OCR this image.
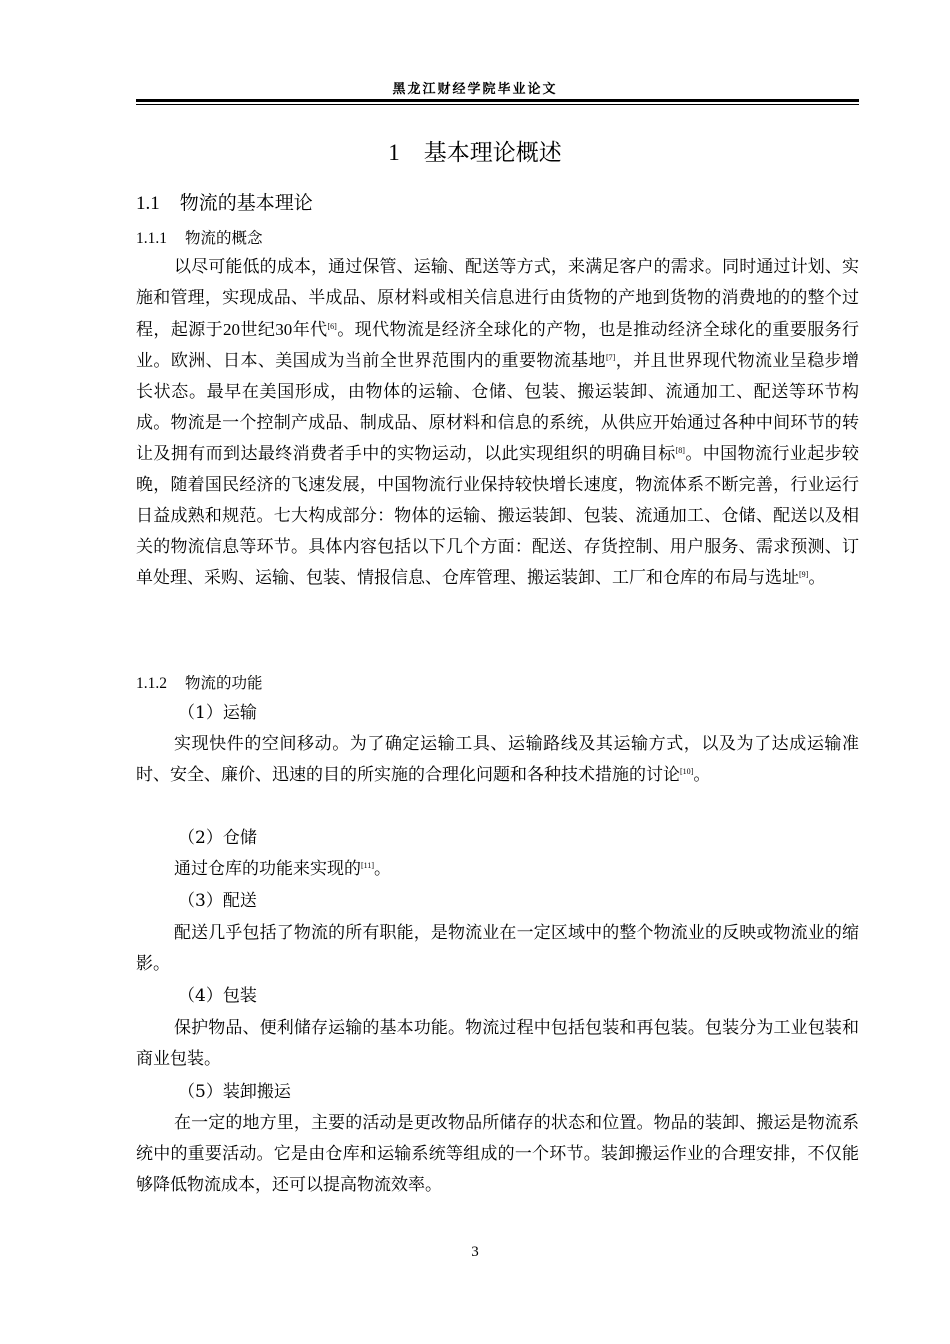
黑龙江财经学院毕业论文
1 基本理论概述
1.1 物流的基本理论
1.1.1 物流的概念
以尽可能低的成本，通过保管、运输、配送等方式，来满足客户的需求。同时通过计划、实施和管理，实现成品、半成品、原材料或相关信息进行由货物的产地到货物的消费地的的整个过程，起源于20世纪30年代[6]。现代物流是经济全球化的产物，也是推动经济全球化的重要服务行业。欧洲、日本、美国成为当前全世界范围内的重要物流基地[7]，并且世界现代物流业呈稳步增长状态。最早在美国形成，由物体的运输、仓储、包装、搬运装卸、流通加工、配送等环节构成。物流是一个控制产成品、制成品、原材料和信息的系统，从供应开始通过各种中间环节的转让及拥有而到达最终消费者手中的实物运动，以此实现组织的明确目标[8]。中国物流行业起步较晚，随着国民经济的飞速发展，中国物流行业保持较快增长速度，物流体系不断完善，行业运行日益成熟和规范。七大构成部分：物体的运输、搬运装卸、包装、流通加工、仓储、配送以及相关的物流信息等环节。具体内容包括以下几个方面：配送、存货控制、用户服务、需求预测、订单处理、采购、运输、包装、情报信息、仓库管理、搬运装卸、工厂和仓库的布局与选址[9]。
1.1.2 物流的功能
（1）运输
实现快件的空间移动。为了确定运输工具、运输路线及其运输方式，以及为了达成运输准时、安全、廉价、迅速的目的所实施的合理化问题和各种技术措施的讨论[10]。
（2）仓储
通过仓库的功能来实现的[11]。
（3）配送
配送几乎包括了物流的所有职能，是物流业在一定区域中的整个物流业的反映或物流业的缩影。
（4）包装
保护物品、便利储存运输的基本功能。物流过程中包括包装和再包装。包装分为工业包装和商业包装。
（5）装卸搬运
在一定的地方里，主要的活动是更改物品所储存的状态和位置。物品的装卸、搬运是物流系统中的重要活动。它是由仓库和运输系统等组成的一个环节。装卸搬运作业的合理安排，不仅能够降低物流成本，还可以提高物流效率。
3
